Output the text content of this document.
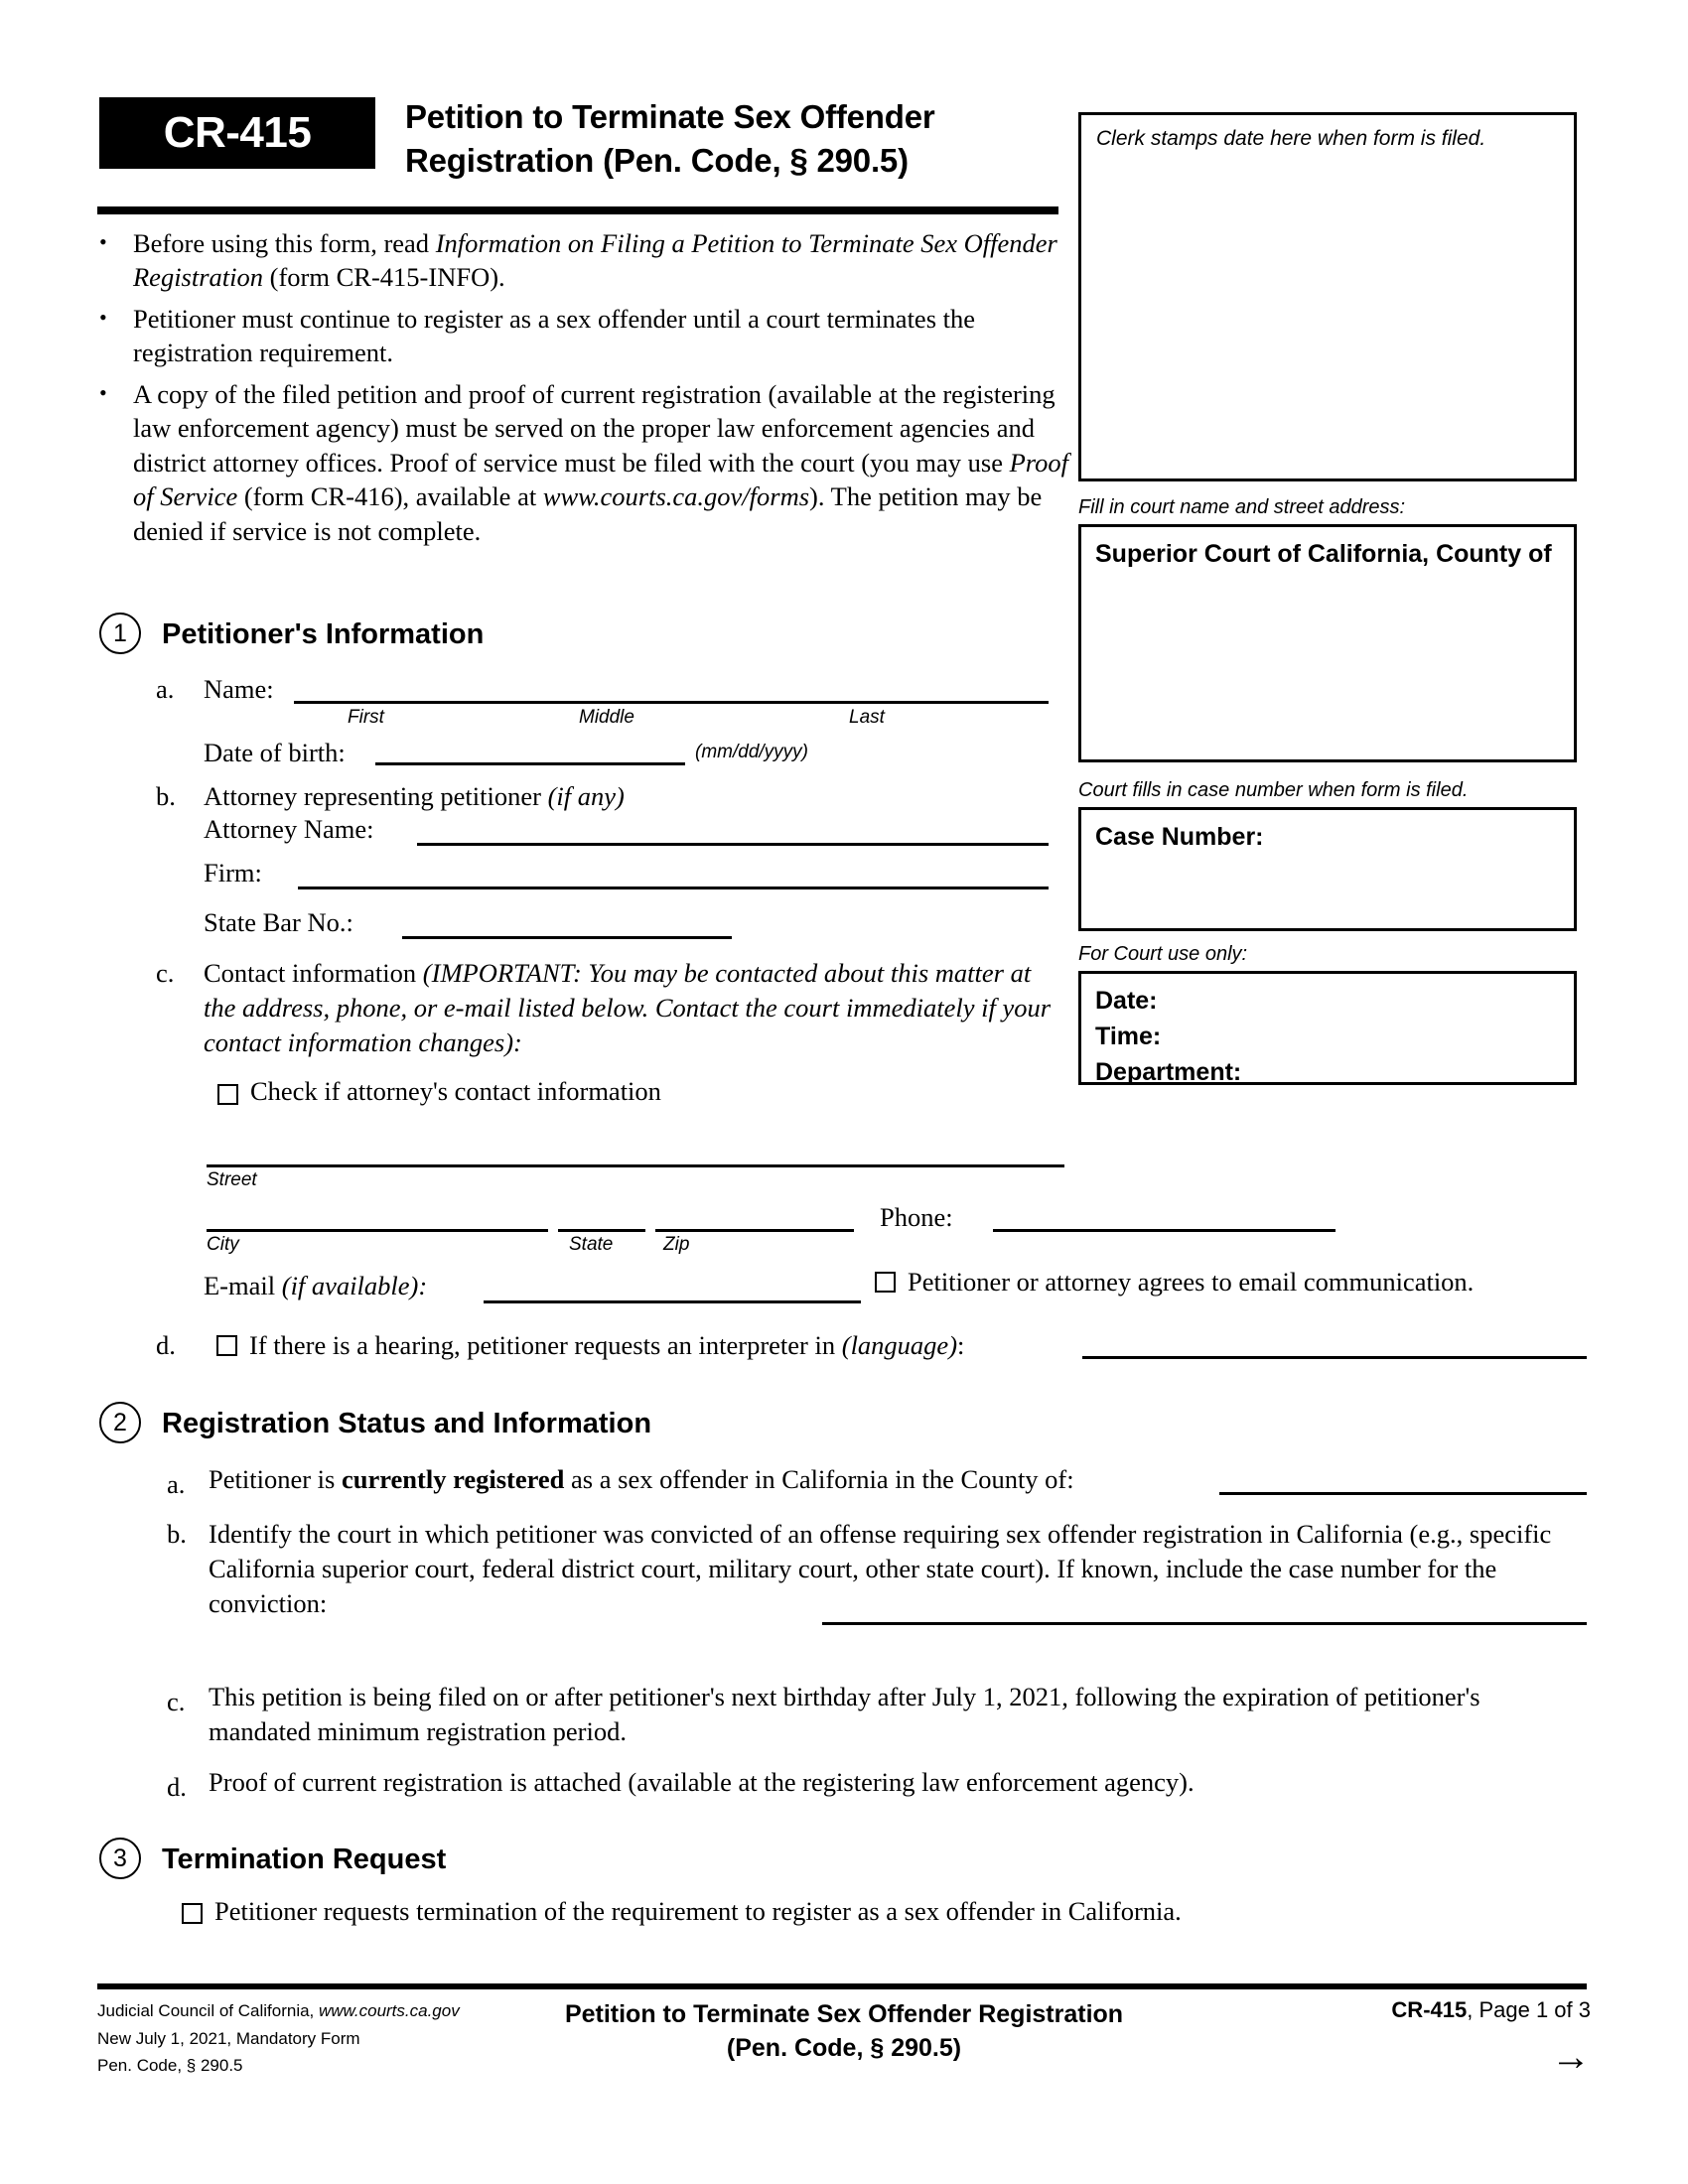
CR-415	Petition to Terminate Sex Offender
Registration (Pen. Code, § 290.5)
• Before using this form, read Information on Filing a Petition to Terminate Sex Offender Registration (form CR-415-INFO).
• Petitioner must continue to register as a sex offender until a court terminates the registration requirement.
• A copy of the filed petition and proof of current registration (available at the registering law enforcement agency) must be served on the proper law enforcement agencies and district attorney offices. Proof of service must be filed with the court (you may use Proof of Service (form CR-416), available at www.courts.ca.gov/forms). The petition may be denied if service is not complete.
Clerk stamps date here when form is filed.
Fill in court name and street address:
Superior Court of California, County of
Court fills in case number when form is filed.
Case Number:
For Court use only:
Date:
Time:
Department:
1	Petitioner's Information
a. Name:
First	Middle	Last
Date of birth:	(mm/dd/yyyy)
b. Attorney representing petitioner (if any)
Attorney Name:
Firm:
State Bar No.:
c. Contact information (IMPORTANT: You may be contacted about this matter at the address, phone, or e-mail listed below. Contact the court immediately if your contact information changes):
Check if attorney's contact information
Street
City	State	Zip
Phone:
E-mail (if available):	Petitioner or attorney agrees to email communication.
d.	If there is a hearing, petitioner requests an interpreter in (language):
2	Registration Status and Information
a. Petitioner is currently registered as a sex offender in California in the County of:
b. Identify the court in which petitioner was convicted of an offense requiring sex offender registration in California (e.g., specific California superior court, federal district court, military court, other state court). If known, include the case number for the conviction:
c. This petition is being filed on or after petitioner's next birthday after July 1, 2021, following the expiration of petitioner's mandated minimum registration period.
d. Proof of current registration is attached (available at the registering law enforcement agency).
3	Termination Request
Petitioner requests termination of the requirement to register as a sex offender in California.
Judicial Council of California, www.courts.ca.gov
New July 1, 2021, Mandatory Form
Pen. Code, § 290.5
Petition to Terminate Sex Offender Registration
(Pen. Code, § 290.5)
CR-415, Page 1 of 3
→
